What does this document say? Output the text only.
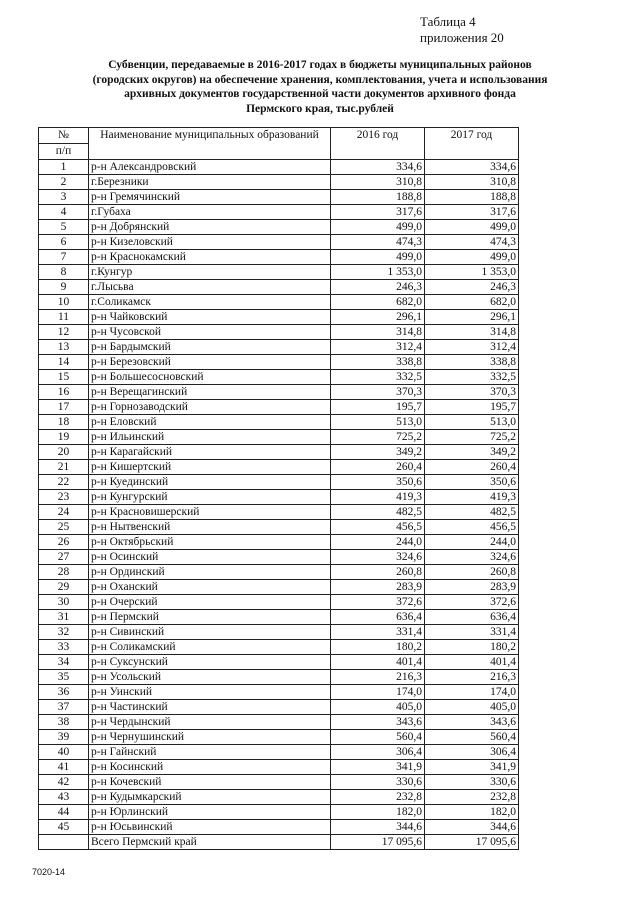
Таблица 4
приложения 20
Субвенции, передаваемые в 2016-2017 годах в бюджеты муниципальных районов
(городских округов) на обеспечение хранения, комплектования, учета и использования
архивных документов государственной части документов архивного фонда
Пермского края, тыс.рублей
№	Наименование муниципальных образований	2016 год	2017 год
п/п			
1	р-н Александровский	334,6	334,6
2	г.Березники	310,8	310,8
3	р-н Гремячинский	188,8	188,8
4	г.Губаха	317,6	317,6
5	р-н Добрянский	499,0	499,0
6	р-н Кизеловский	474,3	474,3
7	р-н Краснокамский	499,0	499,0
8	г.Кунгур	1 353,0	1 353,0
9	г.Лысьва	246,3	246,3
10	г.Соликамск	682,0	682,0
11	р-н Чайковский	296,1	296,1
12	р-н Чусовской	314,8	314,8
13	р-н Бардымский	312,4	312,4
14	р-н Березовский	338,8	338,8
15	р-н Большесосновский	332,5	332,5
16	р-н Верещагинский	370,3	370,3
17	р-н Горнозаводский	195,7	195,7
18	р-н Еловский	513,0	513,0
19	р-н Ильинский	725,2	725,2
20	р-н Карагайский	349,2	349,2
21	р-н Кишертский	260,4	260,4
22	р-н Куединский	350,6	350,6
23	р-н Кунгурский	419,3	419,3
24	р-н Красновишерский	482,5	482,5
25	р-н Нытвенский	456,5	456,5
26	р-н Октябрьский	244,0	244,0
27	р-н Осинский	324,6	324,6
28	р-н Ординский	260,8	260,8
29	р-н Оханский	283,9	283,9
30	р-н Очерский	372,6	372,6
31	р-н Пермский	636,4	636,4
32	р-н Сивинский	331,4	331,4
33	р-н Соликамский	180,2	180,2
34	р-н Суксунский	401,4	401,4
35	р-н Усольский	216,3	216,3
36	р-н Уинский	174,0	174,0
37	р-н Частинский	405,0	405,0
38	р-н Чердынский	343,6	343,6
39	р-н Чернушинский	560,4	560,4
40	р-н Гайнский	306,4	306,4
41	р-н Косинский	341,9	341,9
42	р-н Кочевский	330,6	330,6
43	р-н Кудымкарский	232,8	232,8
44	р-н Юрлинский	182,0	182,0
45	р-н Юсьвинский	344,6	344,6
	Всего Пермский край	17 095,6	17 095,6
7020-14
